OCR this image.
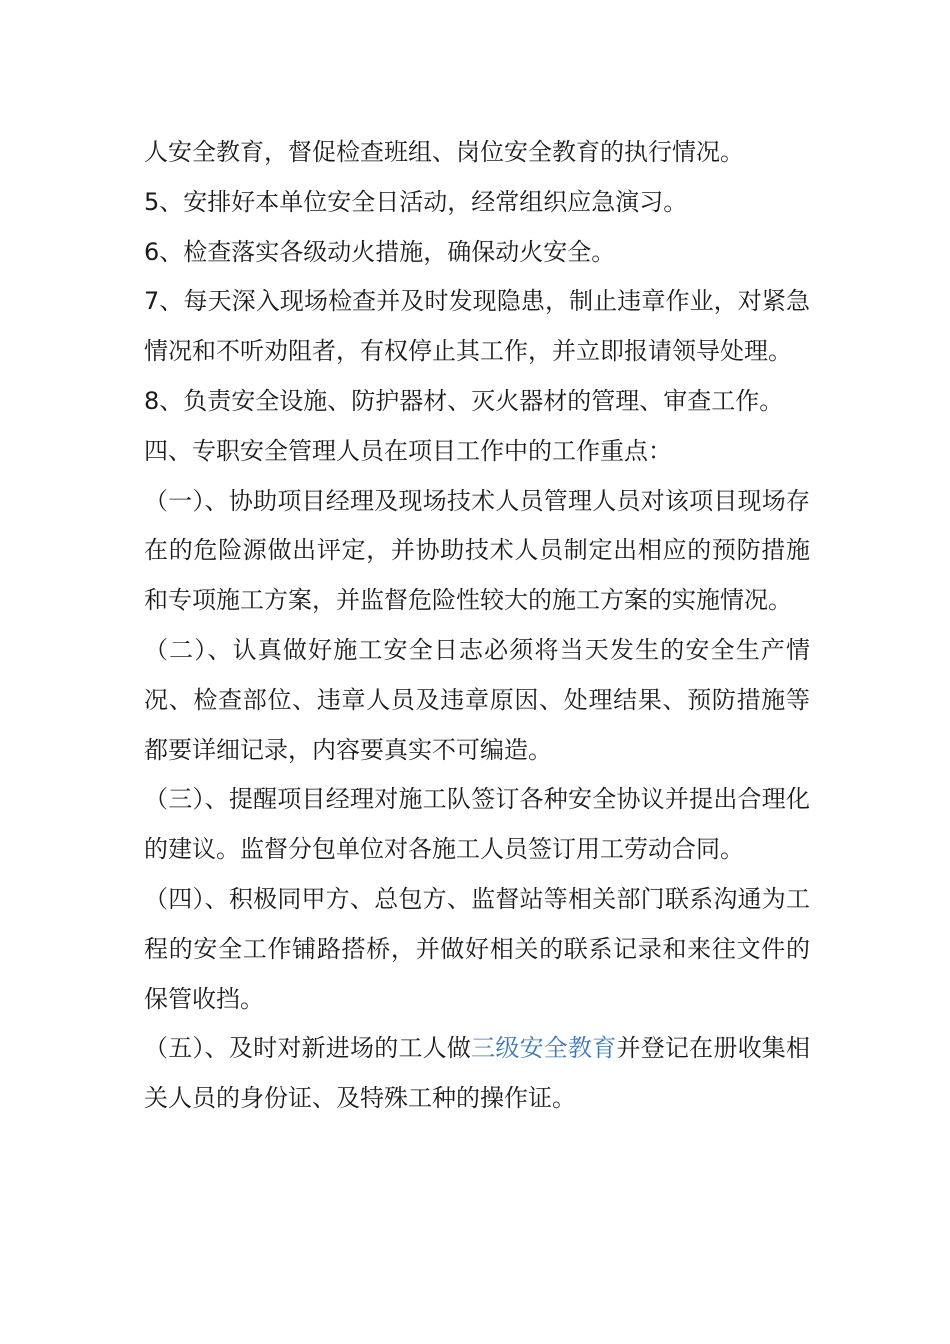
人安全教育，督促检查班组、岗位安全教育的执行情况。

5、安排好本单位安全日活动，经常组织应急演习。

6、检查落实各级动火措施，确保动火安全。

7、每天深入现场检查并及时发现隐患，制止违章作业，对紧急情况和不听劝阻者，有权停止其工作，并立即报请领导处理。

8、负责安全设施、防护器材、灭火器材的管理、审查工作。

四、专职安全管理人员在项目工作中的工作重点：

（一）、协助项目经理及现场技术人员管理人员对该项目现场存在的危险源做出评定，并协助技术人员制定出相应的预防措施和专项施工方案，并监督危险性较大的施工方案的实施情况。

（二）、认真做好施工安全日志必须将当天发生的安全生产情况、检查部位、违章人员及违章原因、处理结果、预防措施等都要详细记录，内容要真实不可编造。

（三）、提醒项目经理对施工队签订各种安全协议并提出合理化的建议。监督分包单位对各施工人员签订用工劳动合同。

（四）、积极同甲方、总包方、监督站等相关部门联系沟通为工程的安全工作铺路搭桥，并做好相关的联系记录和来往文件的保管收挡。

（五）、及时对新进场的工人做三级安全教育并登记在册收集相关人员的身份证、及特殊工种的操作证。
